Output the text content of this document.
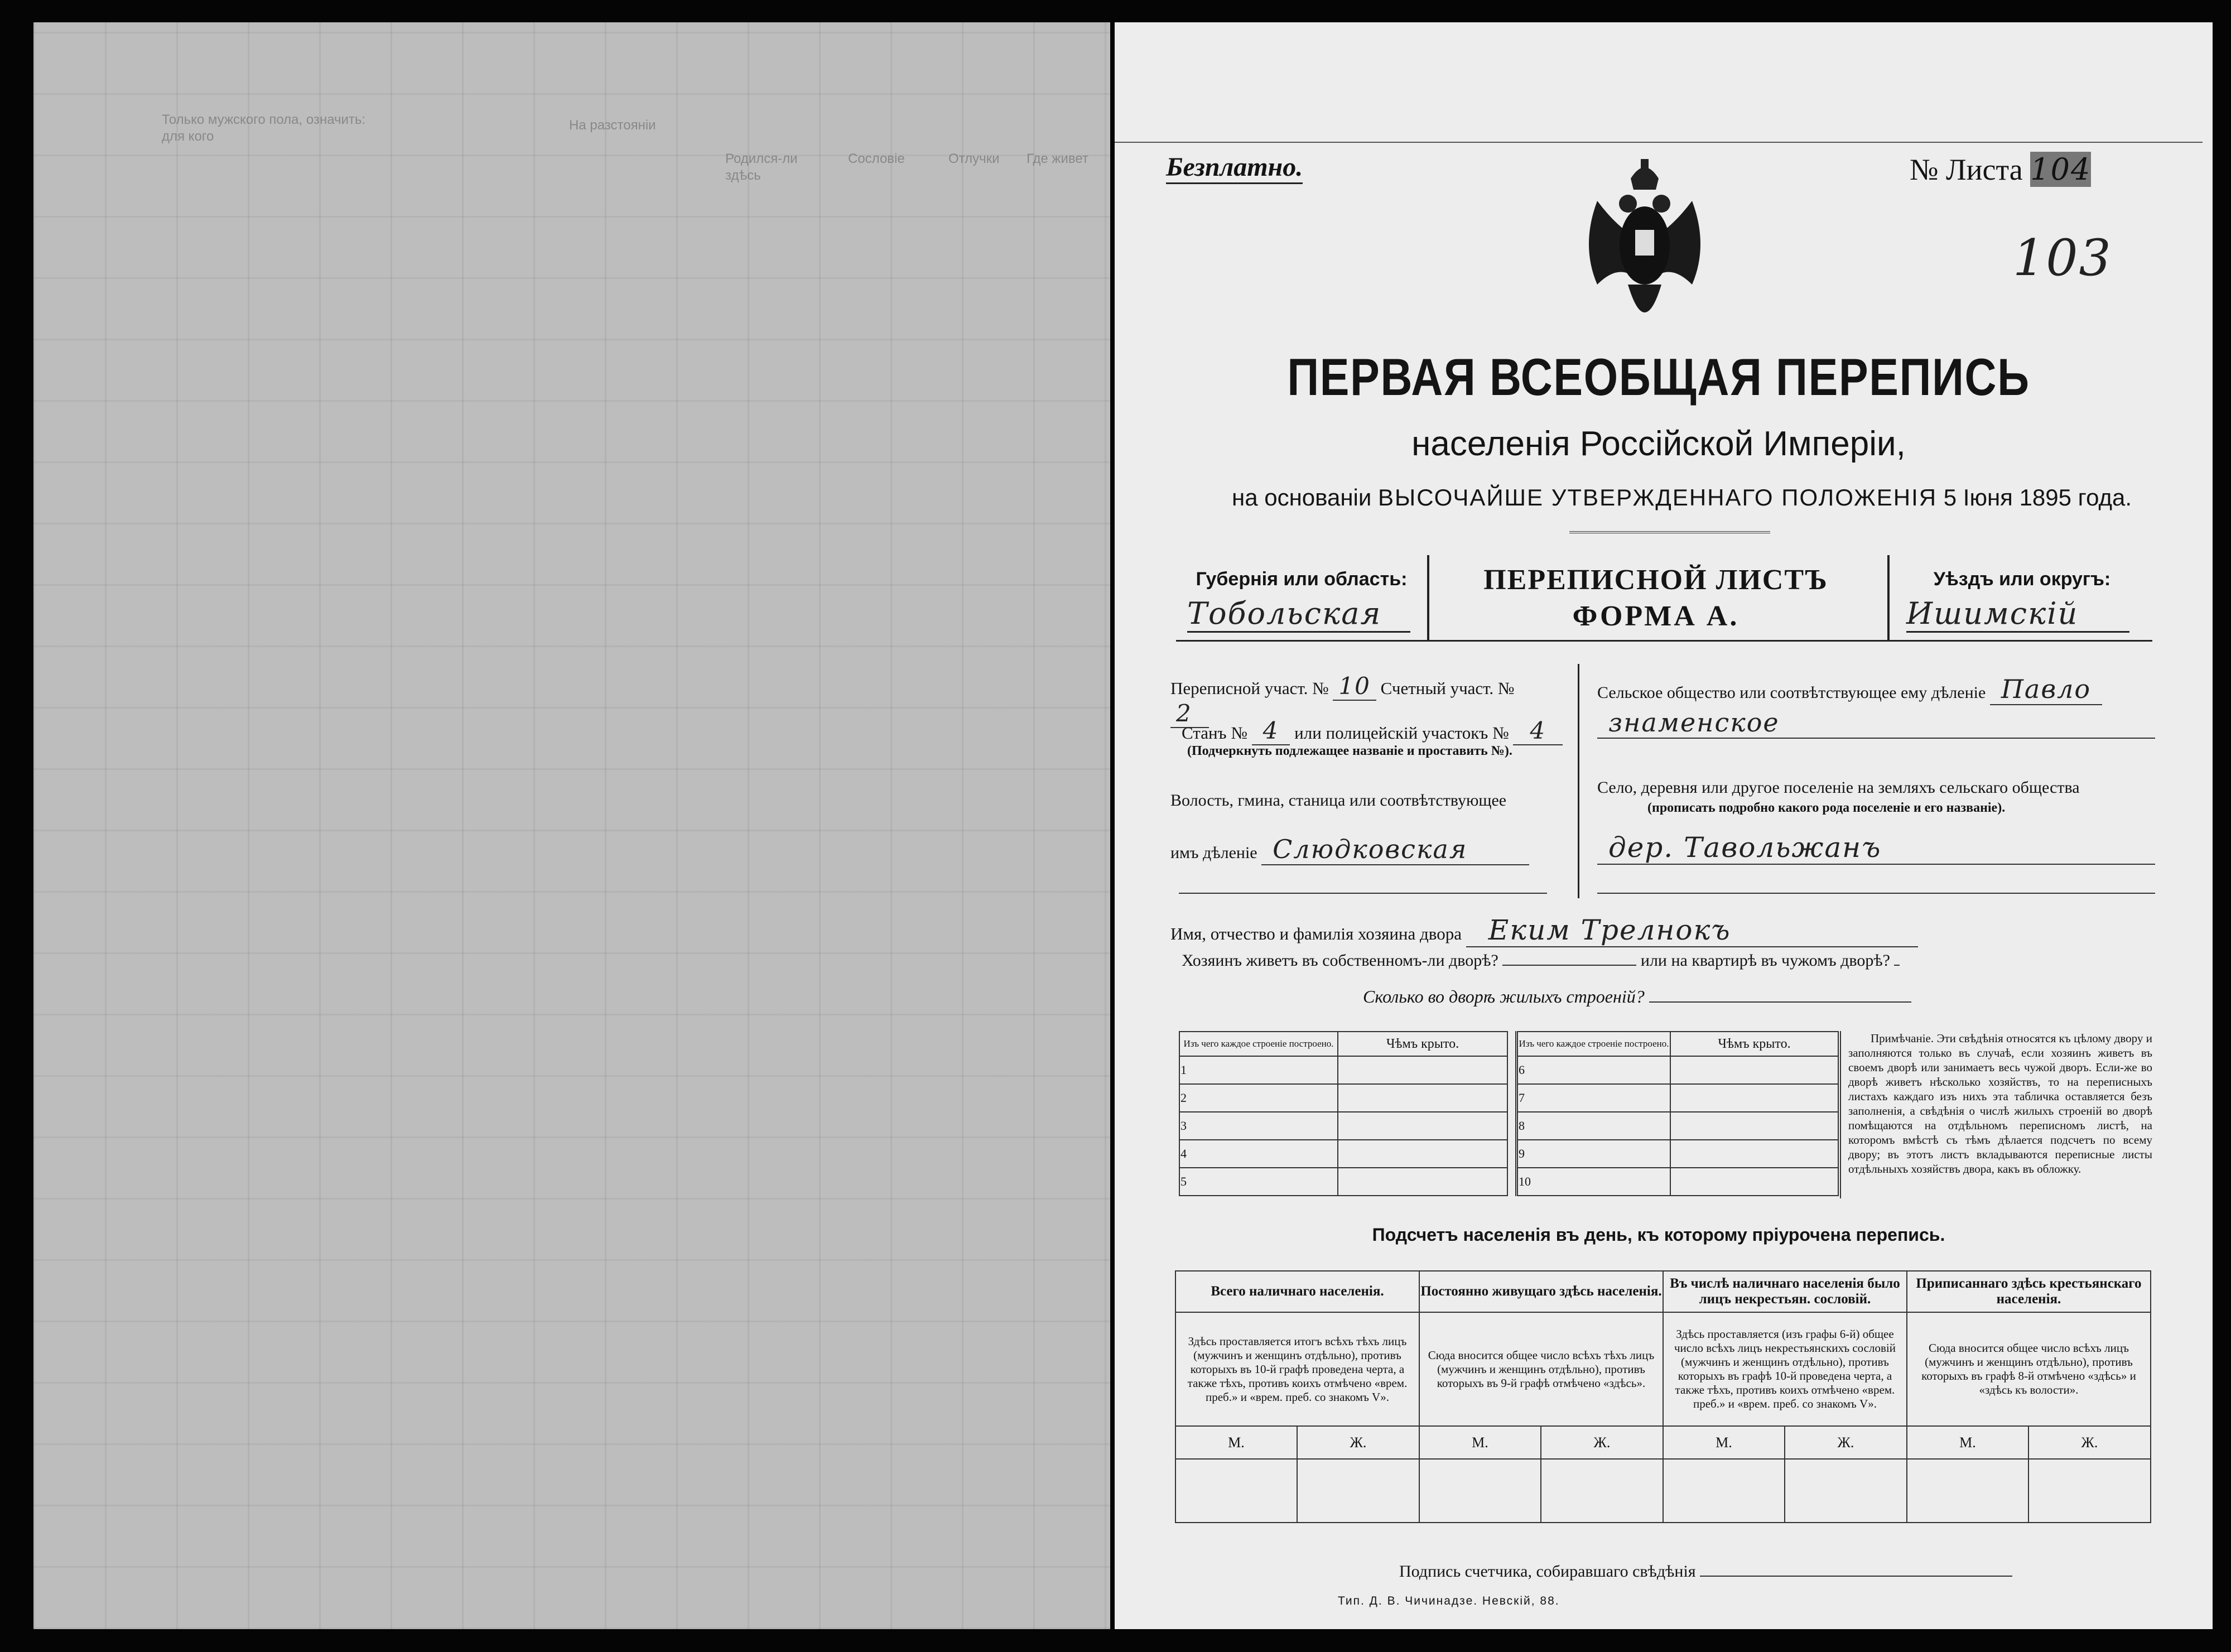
Только мужского пола, означить: для кого
На разстояніи
Родился-ли здѣсь
Сословіе	Отлучки	Где живет	Безплатно.	№ Листа 104
103
ПЕРВАЯ ВСЕОБЩАЯ ПЕРЕПИСЬ
населенія Россійской Имперіи,
на основаніи ВЫСОЧАЙШЕ УТВЕРЖДЕННАГО ПОЛОЖЕНІЯ 5 Іюня 1895 года.
Губернія или область:
Тобольская
ПЕРЕПИСНОЙ ЛИСТЪ
ФОРМА А.
Уѣздъ или округъ:
Ишимскій
Переписной участ. № 10 Счетный участ. № 2
Станъ № 4 или полицейскій участокъ № 4
(Подчеркнуть подлежащее названіе и проставить №).
Волость, гмина, станица или соотвѣтствующее
имъ дѣленіе Слюдковская
Сельское общество или соотвѣтствующее ему дѣленіе Павло
знаменское
Село, деревня или другое поселеніе на земляхъ сельскаго общества
(прописать подробно какого рода поселеніе и его названіе).
дер. Тавольжанъ
Имя, отчество и фамилія хозяина двора Еким Трелнокъ
Хозяинъ живетъ въ собственномъ-ли дворѣ?	или на квартирѣ въ чужомъ дворѣ?
Сколько во дворѣ жилыхъ строеній?
Изъ чего каждое строеніе построено.	Чѣмъ крыто.
1	
2	
3	
4	
5	
Изъ чего каждое строеніе построено.	Чѣмъ крыто.
6	
7	
8	
9	
10	
Примѣчаніе. Эти свѣдѣнія относятся къ цѣлому двору и заполняются только въ случаѣ, если хозяинъ живетъ въ своемъ дворѣ или занимаетъ весь чужой дворъ. Если-же во дворѣ живетъ нѣсколько хозяйствъ, то на переписныхъ листахъ каждаго изъ нихъ эта табличка оставляется безъ заполненія, а свѣдѣнія о числѣ жилыхъ строеній во дворѣ помѣщаются на отдѣльномъ переписномъ листѣ, на которомъ вмѣстѣ съ тѣмъ дѣлается подсчетъ по всему двору; въ этотъ листъ вкладываются переписные листы отдѣльныхъ хозяйствъ двора, какъ въ обложку.
Подсчетъ населенія въ день, къ которому пріурочена перепись.
Всего наличнаго населенія.		Постоянно живущаго здѣсь населенія.		Въ числѣ наличнаго населенія было лицъ некрестьян. сословій.		Приписаннаго здѣсь крестьянскаго населенія.	
Здѣсь проставляется итогъ всѣхъ тѣхъ лицъ (мужчинъ и женщинъ отдѣльно), противъ которыхъ въ 10-й графѣ проведена черта, а также тѣхъ, противъ коихъ отмѣчено «врем. преб.» и «врем. преб. со знакомъ V».		Сюда вносится общее число всѣхъ тѣхъ лицъ (мужчинъ и женщинъ отдѣльно), противъ которыхъ въ 9-й графѣ отмѣчено «здѣсь».		Здѣсь проставляется (изъ графы 6-й) общее число всѣхъ лицъ некрестьянскихъ сословій (мужчинъ и женщинъ отдѣльно), противъ которыхъ въ графѣ 10-й проведена черта, а также тѣхъ, противъ коихъ отмѣчено «врем. преб.» и «врем. преб. со знакомъ V».		Сюда вносится общее число всѣхъ лицъ (мужчинъ и женщинъ отдѣльно), противъ которыхъ въ графѣ 8-й отмѣчено «здѣсь» и «здѣсь къ волости».	
М.	Ж.	М.	Ж.	М.	Ж.	М.	Ж.

Подпись счетчика, собиравшаго свѣдѣнія
Тип. Д. В. Чичинадзе. Невскій, 88.
